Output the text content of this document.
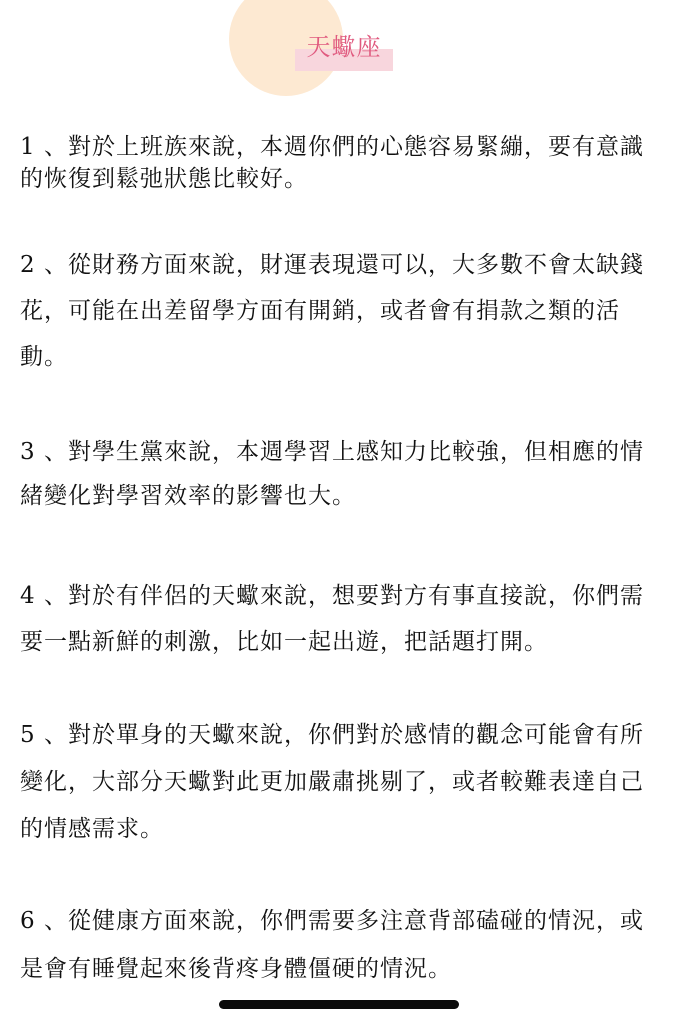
天蠍座

1 、對於上班族來說，本週你們的心態容易緊繃，要有意識的恢復到鬆弛狀態比較好。

2 、從財務方面來說，財運表現還可以，大多數不會太缺錢花，可能在出差留學方面有開銷，或者會有捐款之類的活動。

3 、對學生黨來說，本週學習上感知力比較強，但相應的情緒變化對學習效率的影響也大。

4 、對於有伴侶的天蠍來說，想要對方有事直接說，你們需要一點新鮮的刺激，比如一起出遊，把話題打開。

5 、對於單身的天蠍來說，你們對於感情的觀念可能會有所變化，大部分天蠍對此更加嚴肅挑剔了，或者較難表達自己的情感需求。

6 、從健康方面來說，你們需要多注意背部磕碰的情況，或是會有睡覺起來後背疼身體僵硬的情況。
